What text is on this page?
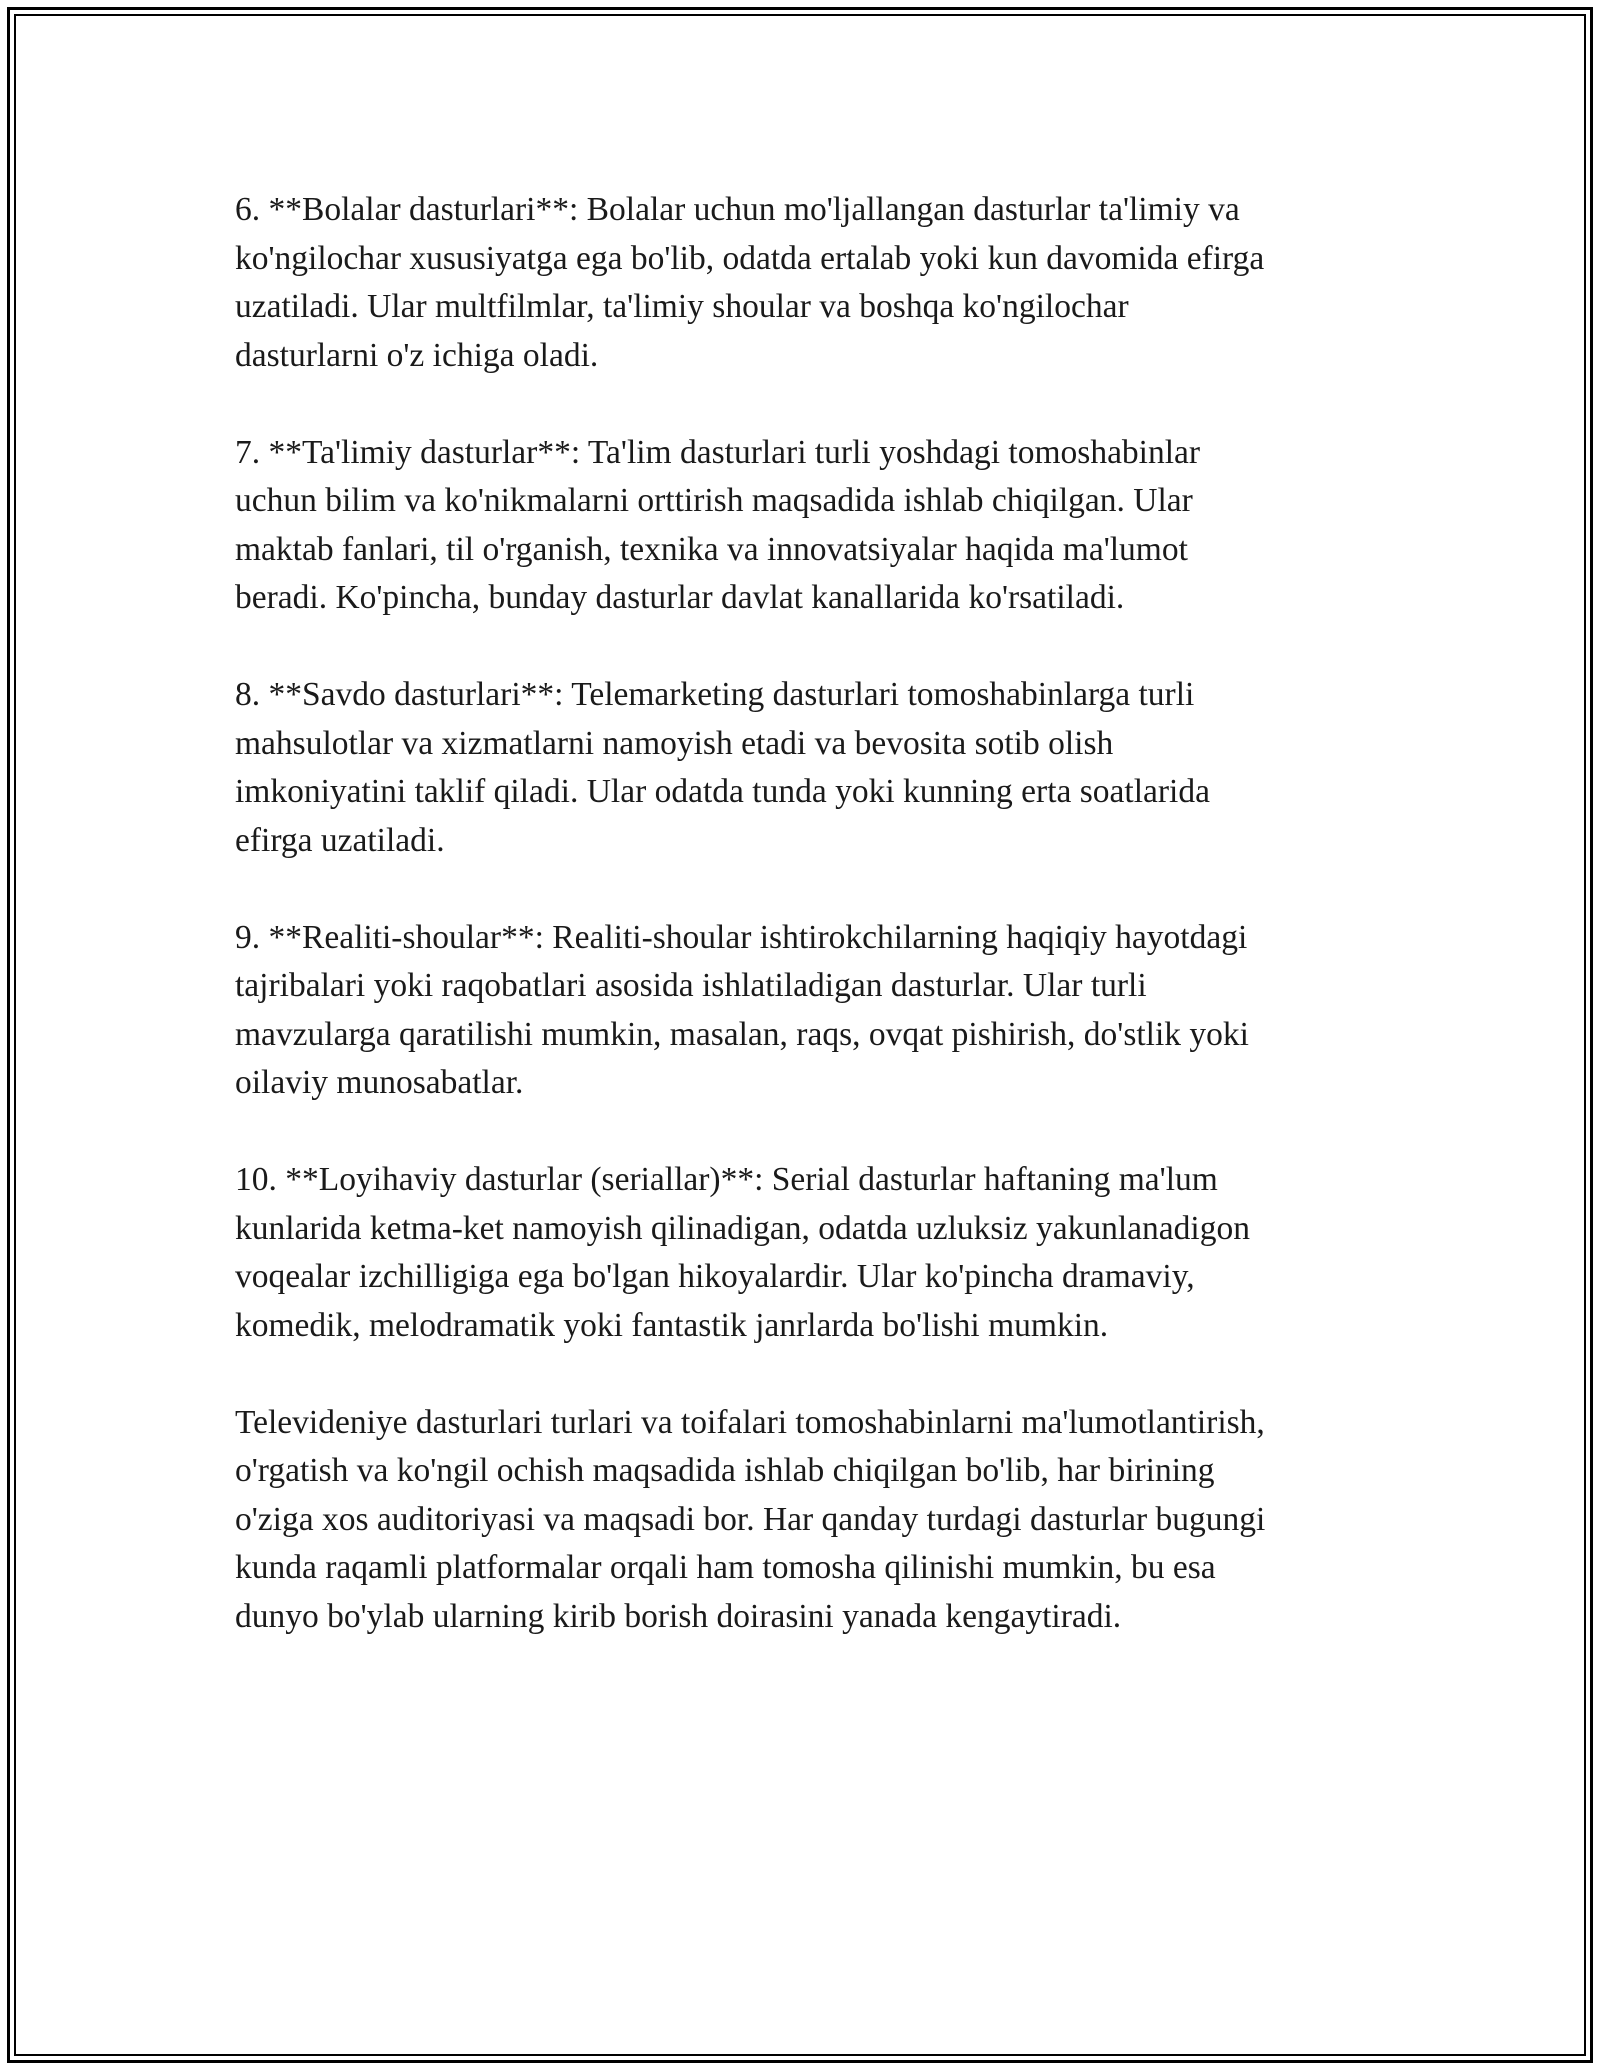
6. **Bolalar dasturlari**: Bolalar uchun mo'ljallangan dasturlar ta'limiy va
ko'ngilochar xususiyatga ega bo'lib, odatda ertalab yoki kun davomida efirga
uzatiladi. Ular multfilmlar, ta'limiy shoular va boshqa ko'ngilochar
dasturlarni o'z ichiga oladi.

7. **Ta'limiy dasturlar**: Ta'lim dasturlari turli yoshdagi tomoshabinlar
uchun bilim va ko'nikmalarni orttirish maqsadida ishlab chiqilgan. Ular
maktab fanlari, til o'rganish, texnika va innovatsiyalar haqida ma'lumot
beradi. Ko'pincha, bunday dasturlar davlat kanallarida ko'rsatiladi.

8. **Savdo dasturlari**: Telemarketing dasturlari tomoshabinlarga turli
mahsulotlar va xizmatlarni namoyish etadi va bevosita sotib olish
imkoniyatini taklif qiladi. Ular odatda tunda yoki kunning erta soatlarida
efirga uzatiladi.

9. **Realiti-shoular**: Realiti-shoular ishtirokchilarning haqiqiy hayotdagi
tajribalari yoki raqobatlari asosida ishlatiladigan dasturlar. Ular turli
mavzularga qaratilishi mumkin, masalan, raqs, ovqat pishirish, do'stlik yoki
oilaviy munosabatlar.

10. **Loyihaviy dasturlar (seriallar)**: Serial dasturlar haftaning ma'lum
kunlarida ketma-ket namoyish qilinadigan, odatda uzluksiz yakunlanadigon
voqealar izchilligiga ega bo'lgan hikoyalardir. Ular ko'pincha dramaviy,
komedik, melodramatik yoki fantastik janrlarda bo'lishi mumkin.

Televideniye dasturlari turlari va toifalari tomoshabinlarni ma'lumotlantirish,
o'rgatish va ko'ngil ochish maqsadida ishlab chiqilgan bo'lib, har birining
o'ziga xos auditoriyasi va maqsadi bor. Har qanday turdagi dasturlar bugungi
kunda raqamli platformalar orqali ham tomosha qilinishi mumkin, bu esa
dunyo bo'ylab ularning kirib borish doirasini yanada kengaytiradi.
